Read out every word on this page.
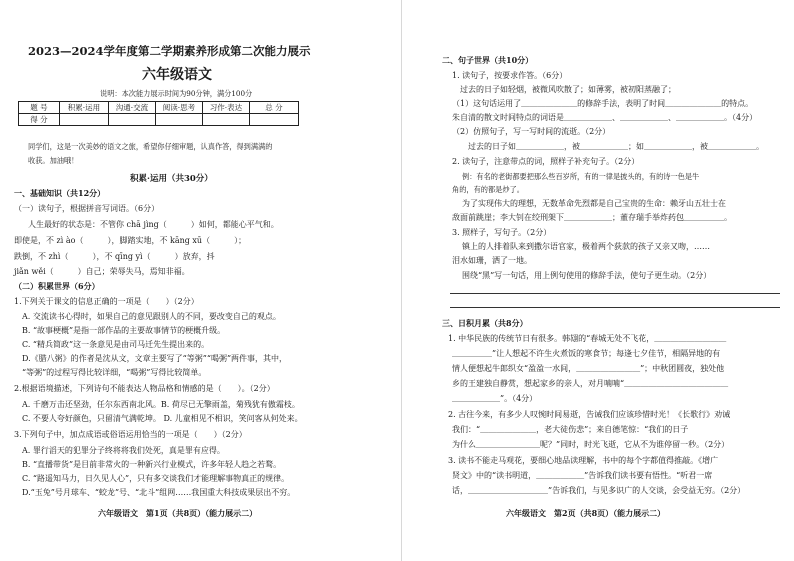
2023—2024学年度第二学期素养形成第二次能力展示
六年级语文
说明：本次能力展示时间为90分钟，满分100分
题 号	积累·运用	沟通·交流	阅读·思考	习作·表达	总 分
得 分					
同学们，这是一次美妙的语文之旅，希望你仔细审题，认真作答，得到满满的
收获。加油哦！
积累·运用（共30分）
一、基础知识（共12分）
（一）读句子，根据拼音写词语。（6分）
人生最好的状态是：不管你 chā jìng（　　　）如何，都能心平气和。
即使是，不 zì ào（　　　），脚踏实地，不 kāng xū（　　　）；
跌倒，不 zhì（　　　），不 qīng yì（　　　）放弃，抖
jiǎn wěi（　　　）自己；荣辱失马，焉知非福。
（二）积累世界（6分）
1.下列关于课文的信息正确的一项是（　　）（2分）
A. 交流读书心得时，如果自己的意见跟别人的不同，要改变自己的观点。
B. “故事梗概”是指一部作品的主要故事情节的梗概升级。
C. “精兵简政”这一条意见是由司马迁先生提出来的。
D.《腊八粥》的作者是沈从文，文章主要写了“等粥”“喝粥”两件事，其中，
“等粥”的过程写得比较详细，“喝粥”写得比较简单。
2.根据语境描述，下列诗句不能表达人物品格和情感的是（　　）。（2分）
A. 千磨万击还坚劲，任尔东西南北风。B. 荷尽已无擎雨盖，菊残犹有傲霜枝。
C. 不要人夸好颜色，只留清气满乾坤。 D. 儿童相见不相识，笑问客从何处来。
3.下列句子中，加点成语或俗语运用恰当的一项是（　　）（2分）
A. 罪行滔天的犯罪分子终将将我们处死，真是罪有应得。
B. “直播带货”是目前非常火的一种新兴行业模式，许多年轻人趋之若鹜。
C. “路遥知马力，日久见人心”，只有多交谈我们才能理解事物真正的规律。
D.“玉兔”号月球车、“蛟龙”号、“北斗”组网……我国重大科技成果层出不穷。
六年级语文　第1页（共8页）（能力展示二）
二、句子世界（共10分）
1. 读句子，按要求作答。（6分）
过去的日子如轻烟，被微风吹散了；如薄雾，被初阳蒸融了；
（1）这句话运用了＿＿＿＿＿＿＿的修辞手法，表明了时间＿＿＿＿＿＿＿的特点。
朱自清的散文时间特点的词语是＿＿＿＿＿＿、＿＿＿＿＿＿、＿＿＿＿＿＿。（4分）
（2）仿照句子，写一写时间的流逝。（2分）
过去的日子如＿＿＿＿＿＿，被＿＿＿＿＿＿；如＿＿＿＿＿＿，被＿＿＿＿＿＿。
2. 读句子，注意带点的词，照样子补充句子。（2分）
例：有名的老街都要把那么些百岁所，有的一律是披头的，有的诗一色是牛
角的，有的都是炒了。
为了实现伟大的理想，无数革命先烈都是自己宝贵的生命：赖牙山五壮士在
敌面前跳崖；李大钊在绞刑架下＿＿＿＿＿＿；董存瑞手举炸药包＿＿＿＿＿。
3. 照样子，写句子。（2分）
镇上的人排着队来到撒尔语官家，极着两个荻款的孩子又亲又吻，……
泪水如珊，洒了一地。
围绕“黑”写一句话，用上例句使用的修辞手法，使句子更生动。（2分）
三、日积月累（共8分）
1. 中华民族的传统节日有很多。韩翃的“春城无处不飞花，＿＿＿＿＿＿＿＿＿
＿＿＿＿＿”让人想起不许生火煮饭的寒食节；每逢七夕佳节，相隔异地的有
情人便想起牛郎织女“盈盈一水间，＿＿＿＿＿＿＿＿”；中秋团圆夜，独处他
乡的王建独自静赏，想起家乡的亲人，对月喃喃“＿＿＿＿＿＿＿＿＿＿＿＿＿
＿＿＿＿＿＿”。（4分）
2. 古往今来，有多少人叹惋时间易逝，告诫我们应该珍惜时光！《长歌行》劝诫
我们：“＿＿＿＿＿＿＿，老大徒伤悲”；来自德笔惊：“我们的日子
为什么＿＿＿＿＿＿＿＿呢？”同时，时光飞逝，它从不为谁停留一秒。（2分）
3. 读书不能走马观花，要细心地品读理解，书中的每个字都值得推敲。《增广
贤文》中的“读书明道，＿＿＿＿＿＿”告诉我们读书要有悟性。“听君一席
话，＿＿＿＿＿＿＿＿＿＿”告诉我们，与见多识广的人交谈，会受益无穷。（2分）
六年级语文　第2页（共8页）（能力展示二）
